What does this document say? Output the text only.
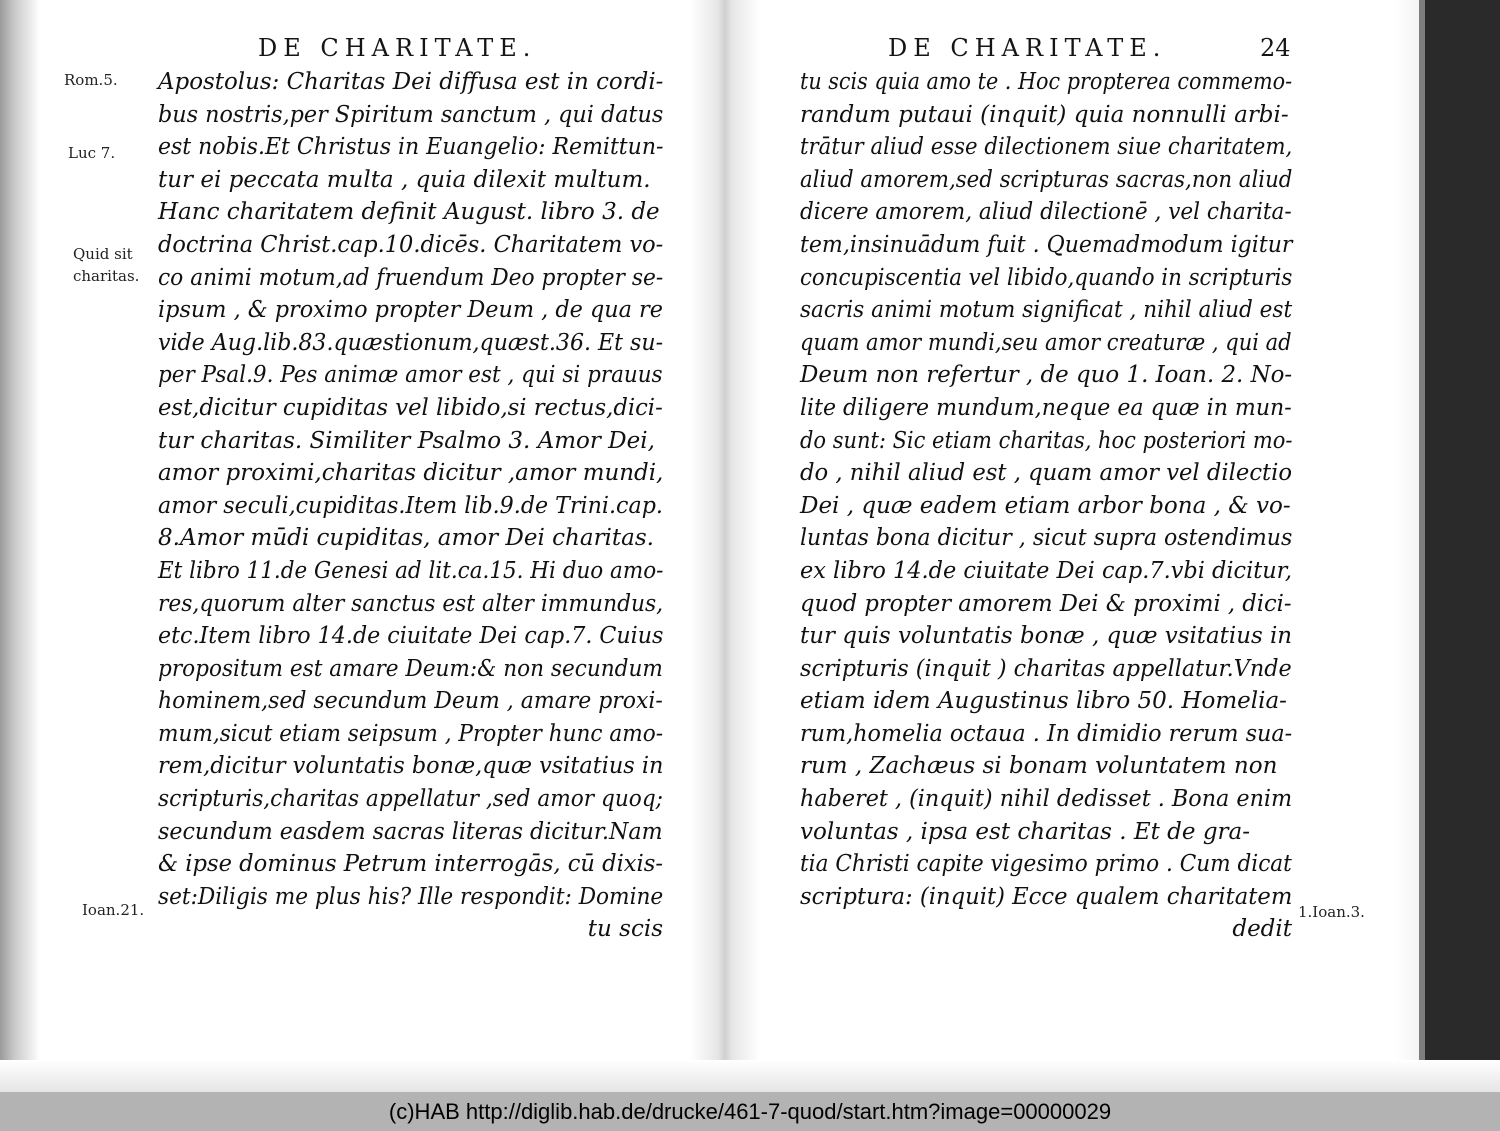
DE CHARITATE.
Rom.5.
Luc 7.
Quid sit
charitas.
Ioan.21.
Apostolus: Charitas Dei diffusa est in cordi-
bus nostris,per Spiritum sanctum , qui datus
est nobis.Et Christus in Euangelio: Remittun-
tur ei peccata multa , quia dilexit multum.
Hanc charitatem definit August. libro 3. de
doctrina Christ.cap.10.dicēs. Charitatem vo-
co animi motum,ad fruendum Deo propter se-
ipsum , & proximo propter Deum , de qua re
vide Aug.lib.83.quæstionum,quæst.36. Et su-
per Psal.9. Pes animæ amor est , qui si prauus
est,dicitur cupiditas vel libido,si rectus,dici-
tur charitas. Similiter Psalmo 3. Amor Dei,
amor proximi,charitas dicitur ,amor mundi,
amor seculi,cupiditas.Item lib.9.de Trini.cap.
8.Amor mūdi cupiditas, amor Dei charitas.
Et libro 11.de Genesi ad lit.ca.15. Hi duo amo-
res,quorum alter sanctus est alter immundus,
etc.Item libro 14.de ciuitate Dei cap.7. Cuius
propositum est amare Deum:& non secundum
hominem,sed secundum Deum , amare proxi-
mum,sicut etiam seipsum , Propter hunc amo-
rem,dicitur voluntatis bonæ,quæ vsitatius in
scripturis,charitas appellatur ,sed amor quoq;
secundum easdem sacras literas dicitur.Nam
& ipse dominus Petrum interrogās, cū dixis-
set:Diligis me plus his? Ille respondit: Domine
tu scis
DE CHARITATE.	24
tu scis quia amo te . Hoc propterea commemo-
randum putaui (inquit) quia nonnulli arbi-
trātur aliud esse dilectionem siue charitatem,
aliud amorem,sed scripturas sacras,non aliud
dicere amorem, aliud dilectionē , vel charita-
tem,insinuādum fuit . Quemadmodum igitur
concupiscentia vel libido,quando in scripturis
sacris animi motum significat , nihil aliud est
quam amor mundi,seu amor creaturæ , qui ad
Deum non refertur , de quo 1. Ioan. 2. No-
lite diligere mundum,neque ea quæ in mun-
do sunt: Sic etiam charitas, hoc posteriori mo-
do , nihil aliud est , quam amor vel dilectio
Dei , quæ eadem etiam arbor bona , & vo-
luntas bona dicitur , sicut supra ostendimus
ex libro 14.de ciuitate Dei cap.7.vbi dicitur,
quod propter amorem Dei & proximi , dici-
tur quis voluntatis bonæ , quæ vsitatius in
scripturis (inquit ) charitas appellatur.Vnde
etiam idem Augustinus libro 50. Homelia-
rum,homelia octaua . In dimidio rerum sua-
rum , Zachæus si bonam voluntatem non
haberet , (inquit) nihil dedisset . Bona enim
voluntas , ipsa est charitas . Et de gra-
tia Christi capite vigesimo primo . Cum dicat
scriptura: (inquit) Ecce qualem charitatem
dedit
1.Ioan.3.
(c)HAB http://diglib.hab.de/drucke/461-7-quod/start.htm?image=00000029
